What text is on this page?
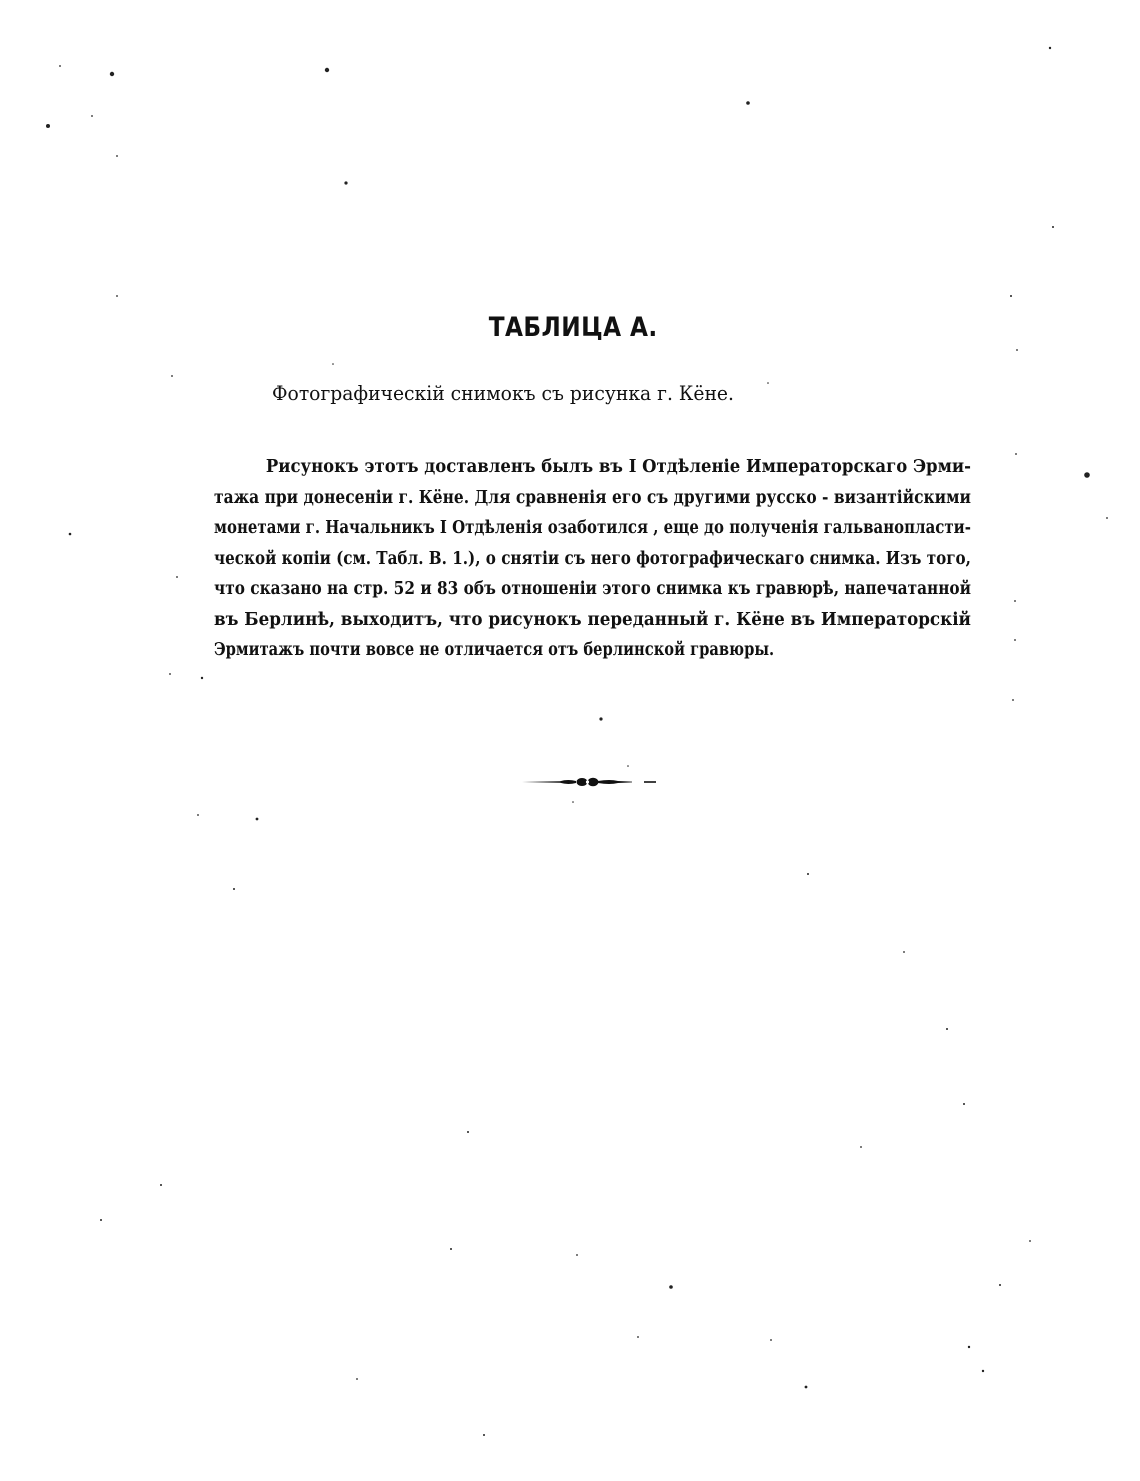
ТАБЛИЦА А.
Фотографическій снимокъ съ рисунка г. Кёне.
Рисунокъ этотъ доставленъ былъ въ I Отдѣленіе Императорскаго Эрми-
тажа при донесеніи г. Кёне. Для сравненія его съ другими русско - византійскими
монетами г. Начальникъ I Отдѣленія озаботился , еще до полученія гальванопласти-
ческой копіи (см. Табл. В. 1.), о снятіи съ него фотографическаго снимка. Изъ того,
что сказано на стр. 52 и 83 объ отношеніи этого снимка къ гравюрѣ, напечатанной
въ Берлинѣ, выходитъ, что рисунокъ переданный г. Кёне въ Императорскій
Эрмитажъ почти вовсе не отличается отъ берлинской гравюры.
